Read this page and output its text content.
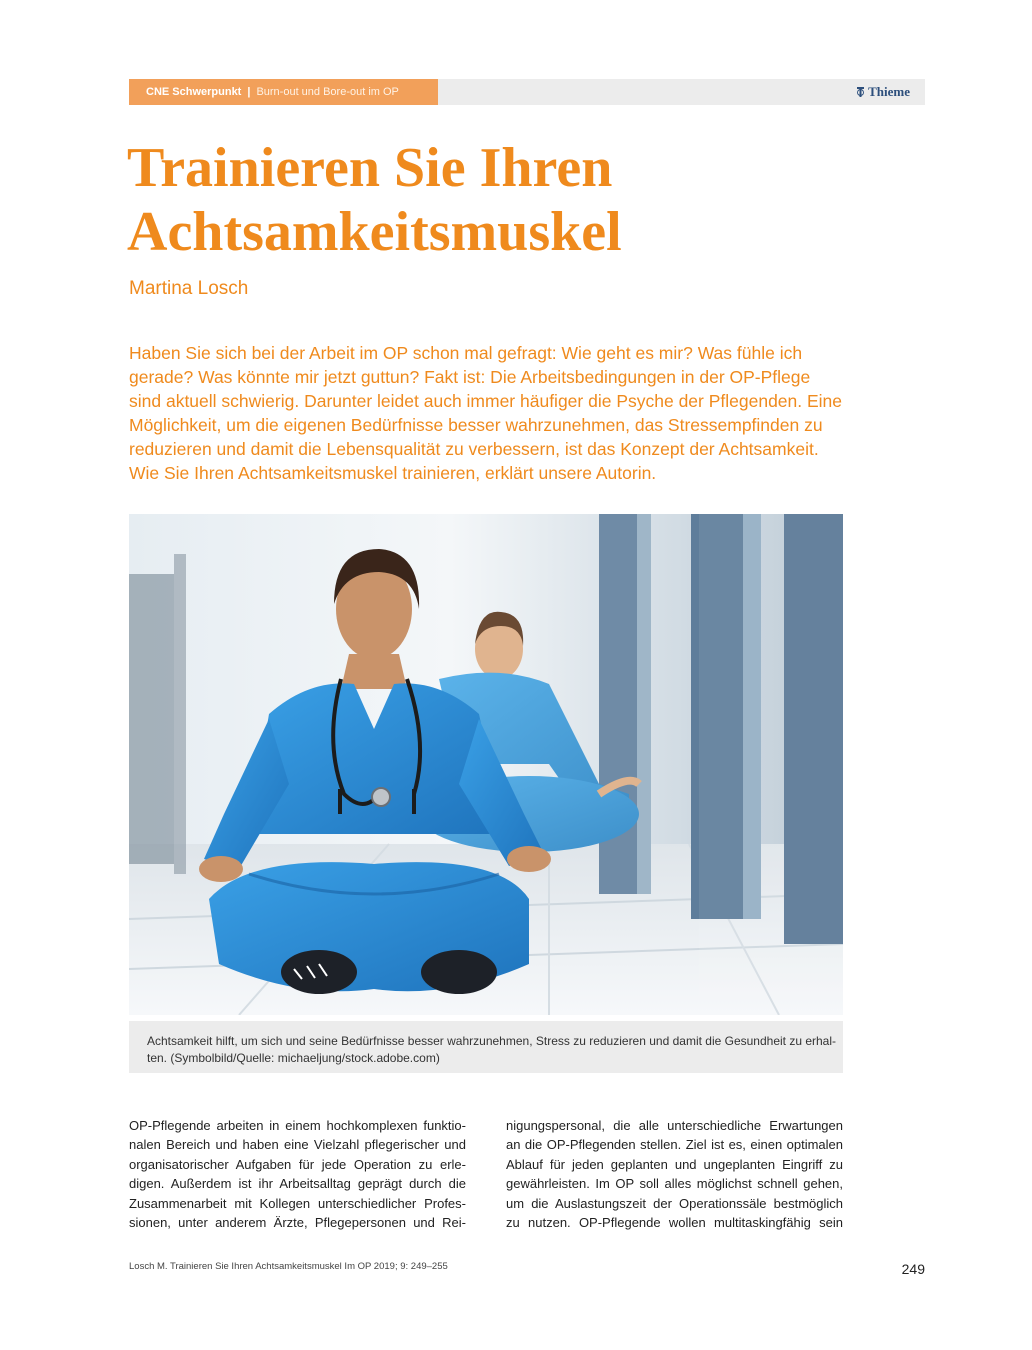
CNE Schwerpunkt | Burn-out und Bore-out im OP	Thieme
Trainieren Sie Ihren
Achtsamkeitsmuskel
Martina Losch

Haben Sie sich bei der Arbeit im OP schon mal gefragt: Wie geht es mir? Was fühle ich
gerade? Was könnte mir jetzt guttun? Fakt ist: Die Arbeitsbedingungen in der OP-Pflege
sind aktuell schwierig. Darunter leidet auch immer häufiger die Psyche der Pflegenden. Eine
Möglichkeit, um die eigenen Bedürfnisse besser wahrzunehmen, das Stressempfinden zu
reduzieren und damit die Lebensqualität zu verbessern, ist das Konzept der Achtsamkeit.
Wie Sie Ihren Achtsamkeitsmuskel trainieren, erklärt unsere Autorin.

Achtsamkeit hilft, um sich und seine Bedürfnisse besser wahrzunehmen, Stress zu reduzieren und damit die Gesundheit zu erhal-
ten. (Symbolbild/Quelle: michaeljung/stock.adobe.com)
OP-Pflegende arbeiten in einem hochkomplexen funktio-
nalen Bereich und haben eine Vielzahl pflegerischer und
organisatorischer Aufgaben für jede Operation zu erle-
digen. Außerdem ist ihr Arbeitsalltag geprägt durch die
Zusammenarbeit mit Kollegen unterschiedlicher Profes-
sionen, unter anderem Ärzte, Pflegepersonen und Rei-
nigungspersonal, die alle unterschiedliche Erwartungen
an die OP-Pflegenden stellen. Ziel ist es, einen optimalen
Ablauf für jeden geplanten und ungeplanten Eingriff zu
gewährleisten. Im OP soll alles möglichst schnell gehen,
um die Auslastungszeit der Operationssäle bestmöglich
zu nutzen. OP-Pflegende wollen multitaskingfähig sein
Losch M. Trainieren Sie Ihren Achtsamkeitsmuskel Im OP 2019; 9: 249–255	249
